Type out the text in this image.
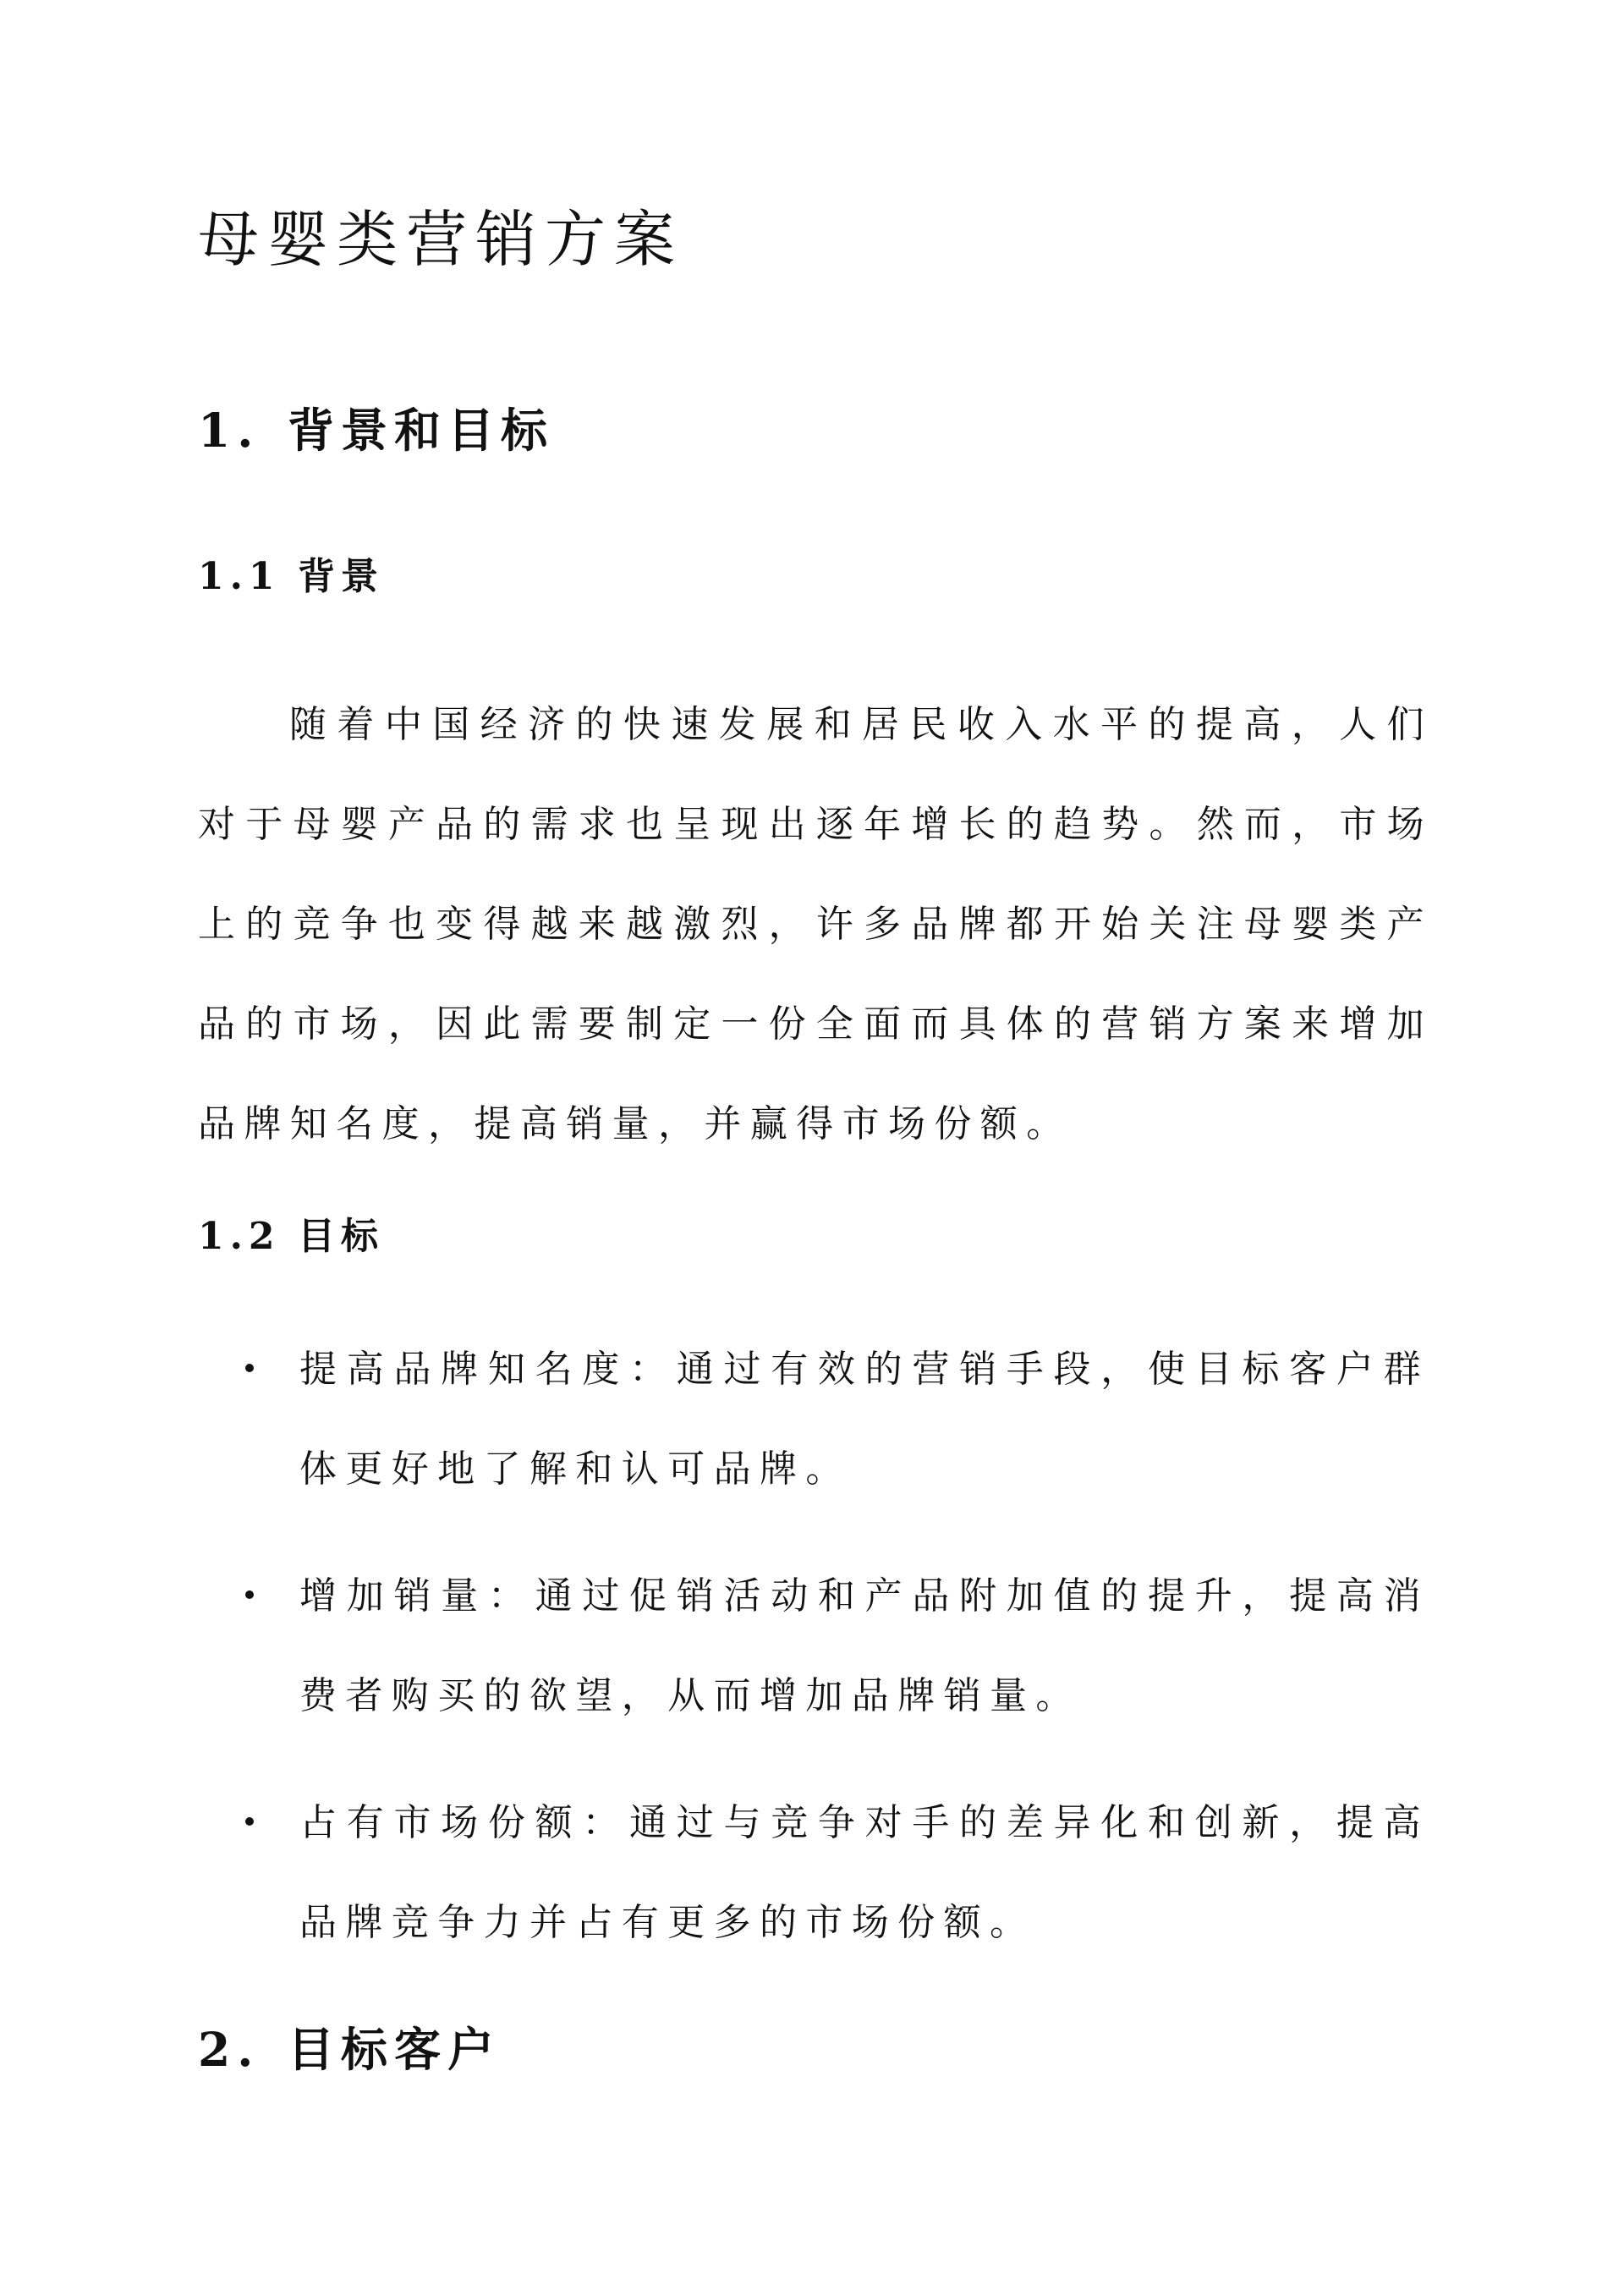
母婴类营销方案
1. 背景和目标
1.1 背景

随着中国经济的快速发展和居民收入水平的提高，人们对于母婴产品的需求也呈现出逐年增长的趋势。然而，市场上的竞争也变得越来越激烈，许多品牌都开始关注母婴类产品的市场，因此需要制定一份全面而具体的营销方案来增加品牌知名度，提高销量，并赢得市场份额。

1.2 目标
提高品牌知名度：通过有效的营销手段，使目标客户群体更好地了解和认可品牌。
增加销量：通过促销活动和产品附加值的提升，提高消费者购买的欲望，从而增加品牌销量。
占有市场份额：通过与竞争对手的差异化和创新，提高品牌竞争力并占有更多的市场份额。
2. 目标客户
